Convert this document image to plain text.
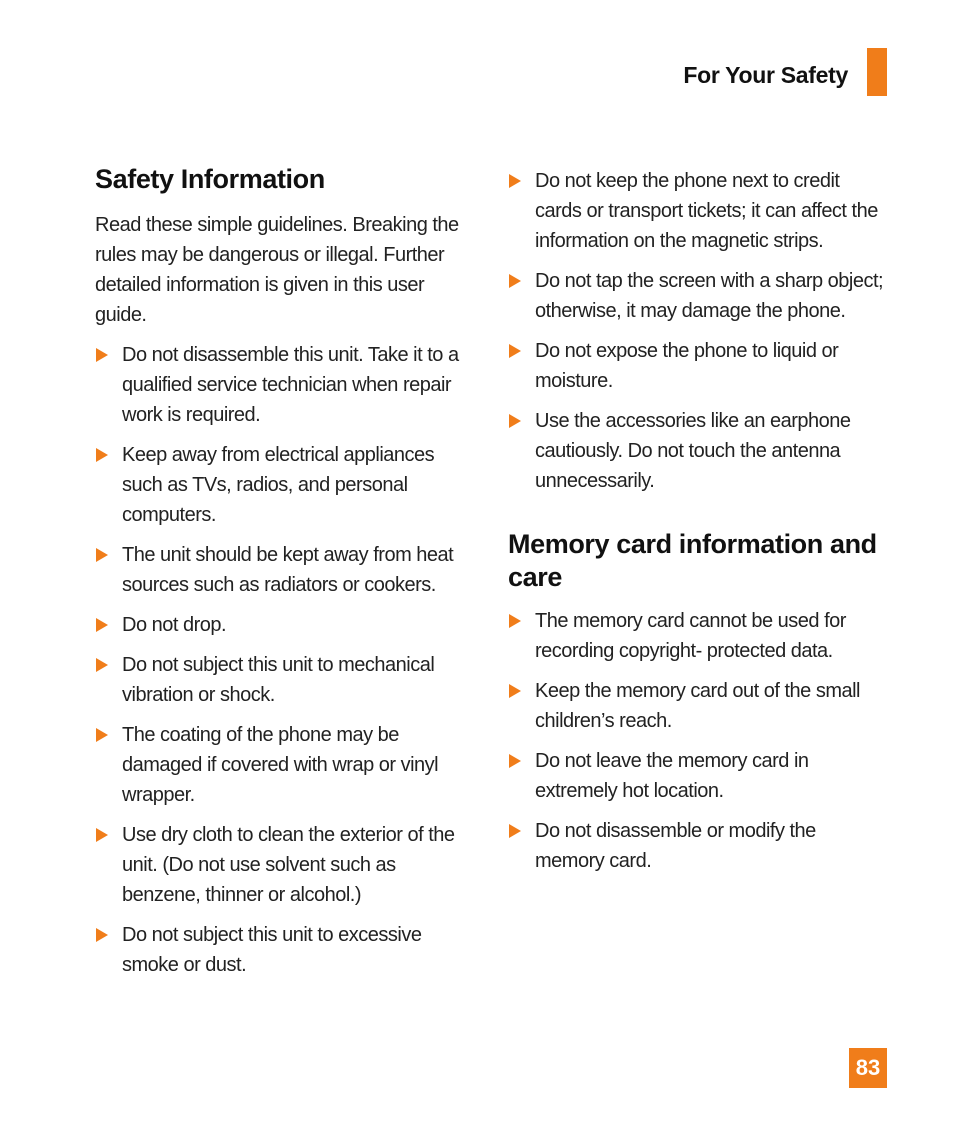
For Your Safety
Safety Information

Read these simple guidelines. Breaking the rules may be dangerous or illegal. Further detailed information is given in this user guide.

Do not disassemble this unit. Take it to a qualified service technician when repair work is required.
Keep away from electrical appliances such as TVs, radios, and personal computers.
The unit should be kept away from heat sources such as radiators or cookers.
Do not drop.
Do not subject this unit to mechanical vibration or shock.
The coating of the phone may be damaged if covered with wrap or vinyl wrapper.
Use dry cloth to clean the exterior of the unit. (Do not use solvent such as benzene, thinner or alcohol.)
Do not subject this unit to excessive smoke or dust.
Do not keep the phone next to credit cards or transport tickets; it can affect the information on the magnetic strips.
Do not tap the screen with a sharp object; otherwise, it may damage the phone.
Do not expose the phone to liquid or moisture.
Use the accessories like an earphone cautiously. Do not touch the antenna unnecessarily.
Memory card information and care
The memory card cannot be used for recording copyright- protected data.
Keep the memory card out of the small children’s reach.
Do not leave the memory card in extremely hot location.
Do not disassemble or modify the memory card.
83
